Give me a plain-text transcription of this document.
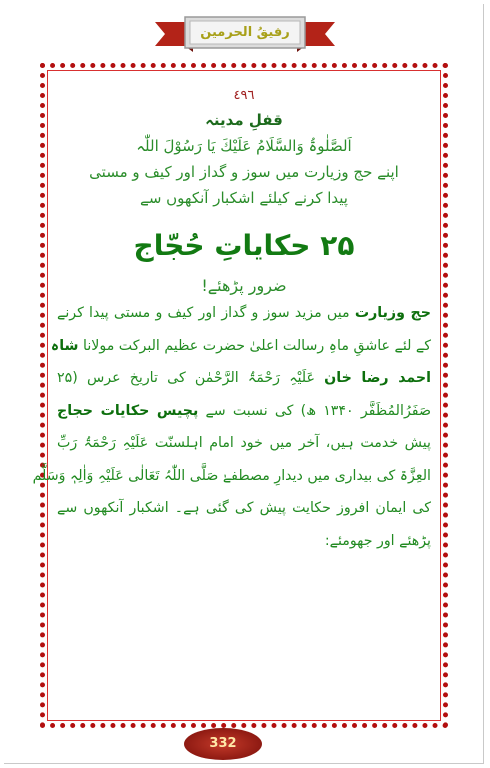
رفیقُ الحرمین
٤٩٦
قفلِ مدینہ
اَلصَّلٰوۃُ وَالسَّلَامُ عَلَیْكَ یَا رَسُوْلَ اللّٰہ
اپنے حج وزیارت میں سوز و گداز اور کیف و مستی
پیدا کرنے کیلئے اشکبار آنکھوں سے
۲۵ حکایاتِ حُجّاج
ضرور پڑھئے!
حج وزیارت میں مزید سوز و گداز اور کیف و مستی پیدا کرنے
کے لئے عاشقِ ماہِ رسالت اعلیٰ حضرت عظیم البرکت مولانا شاہ
احمد رضا خان عَلَیْہِ رَحْمَۃُ الرَّحْمٰن کی تاریخ عرس (۲۵
صَفَرُالمُظَفَّر ۱۳۴۰ ھ) کی نسبت سے پچیس حکایات حجاج
پیش خدمت ہیں، آخر میں خود امام اہلسنّت عَلَیْہِ رَحْمَۃُ رَبِّ
العِزَّۃ کی بیداری میں دیدارِ مصطفےٰ صَلَّی اللّٰہُ تَعَالٰی عَلَیْہِ وَاٰلِہٖ وَسَلَّم
کی ایمان افروز حکایت پیش کی گئی ہے۔ اشکبار آنکھوں سے
پڑھئے اور جھومئے:
332
